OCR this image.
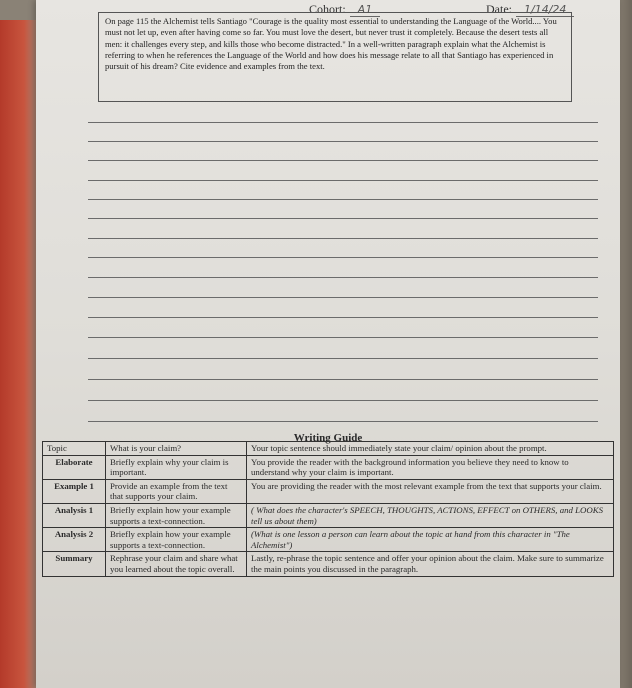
Cohort: A1	Date: 1/14/24
On page 115 the Alchemist tells Santiago "Courage is the quality most essential to understanding the Language of the World.... You must not let up, even after having come so far. You must love the desert, but never trust it completely. Because the desert tests all men: it challenges every step, and kills those who become distracted." In a well-written paragraph explain what the Alchemist is referring to when he references the Language of the World and how does his message relate to all that Santiago has experienced in pursuit of his dream? Cite evidence and examples from the text.
Writing Guide
Topic	What is your claim?	Your topic sentence should immediately state your claim/ opinion about the prompt.
Elaborate	Briefly explain why your claim is important.	You provide the reader with the background information you believe they need to know to understand why your claim is important.
Example 1	Provide an example from the text that supports your claim.	You are providing the reader with the most relevant example from the text that supports your claim.
Analysis 1	Briefly explain how your example supports a text-connection.	( What does the character's SPEECH, THOUGHTS, ACTIONS, EFFECT on OTHERS, and LOOKS tell us about them)
Analysis 2	Briefly explain how your example supports a text-connection.	(What is one lesson a person can learn about the topic at hand from this character in "The Alchemist")
Summary	Rephrase your claim and share what you learned about the topic overall.	Lastly, re-phrase the topic sentence and offer your opinion about the claim. Make sure to summarize the main points you discussed in the paragraph.
